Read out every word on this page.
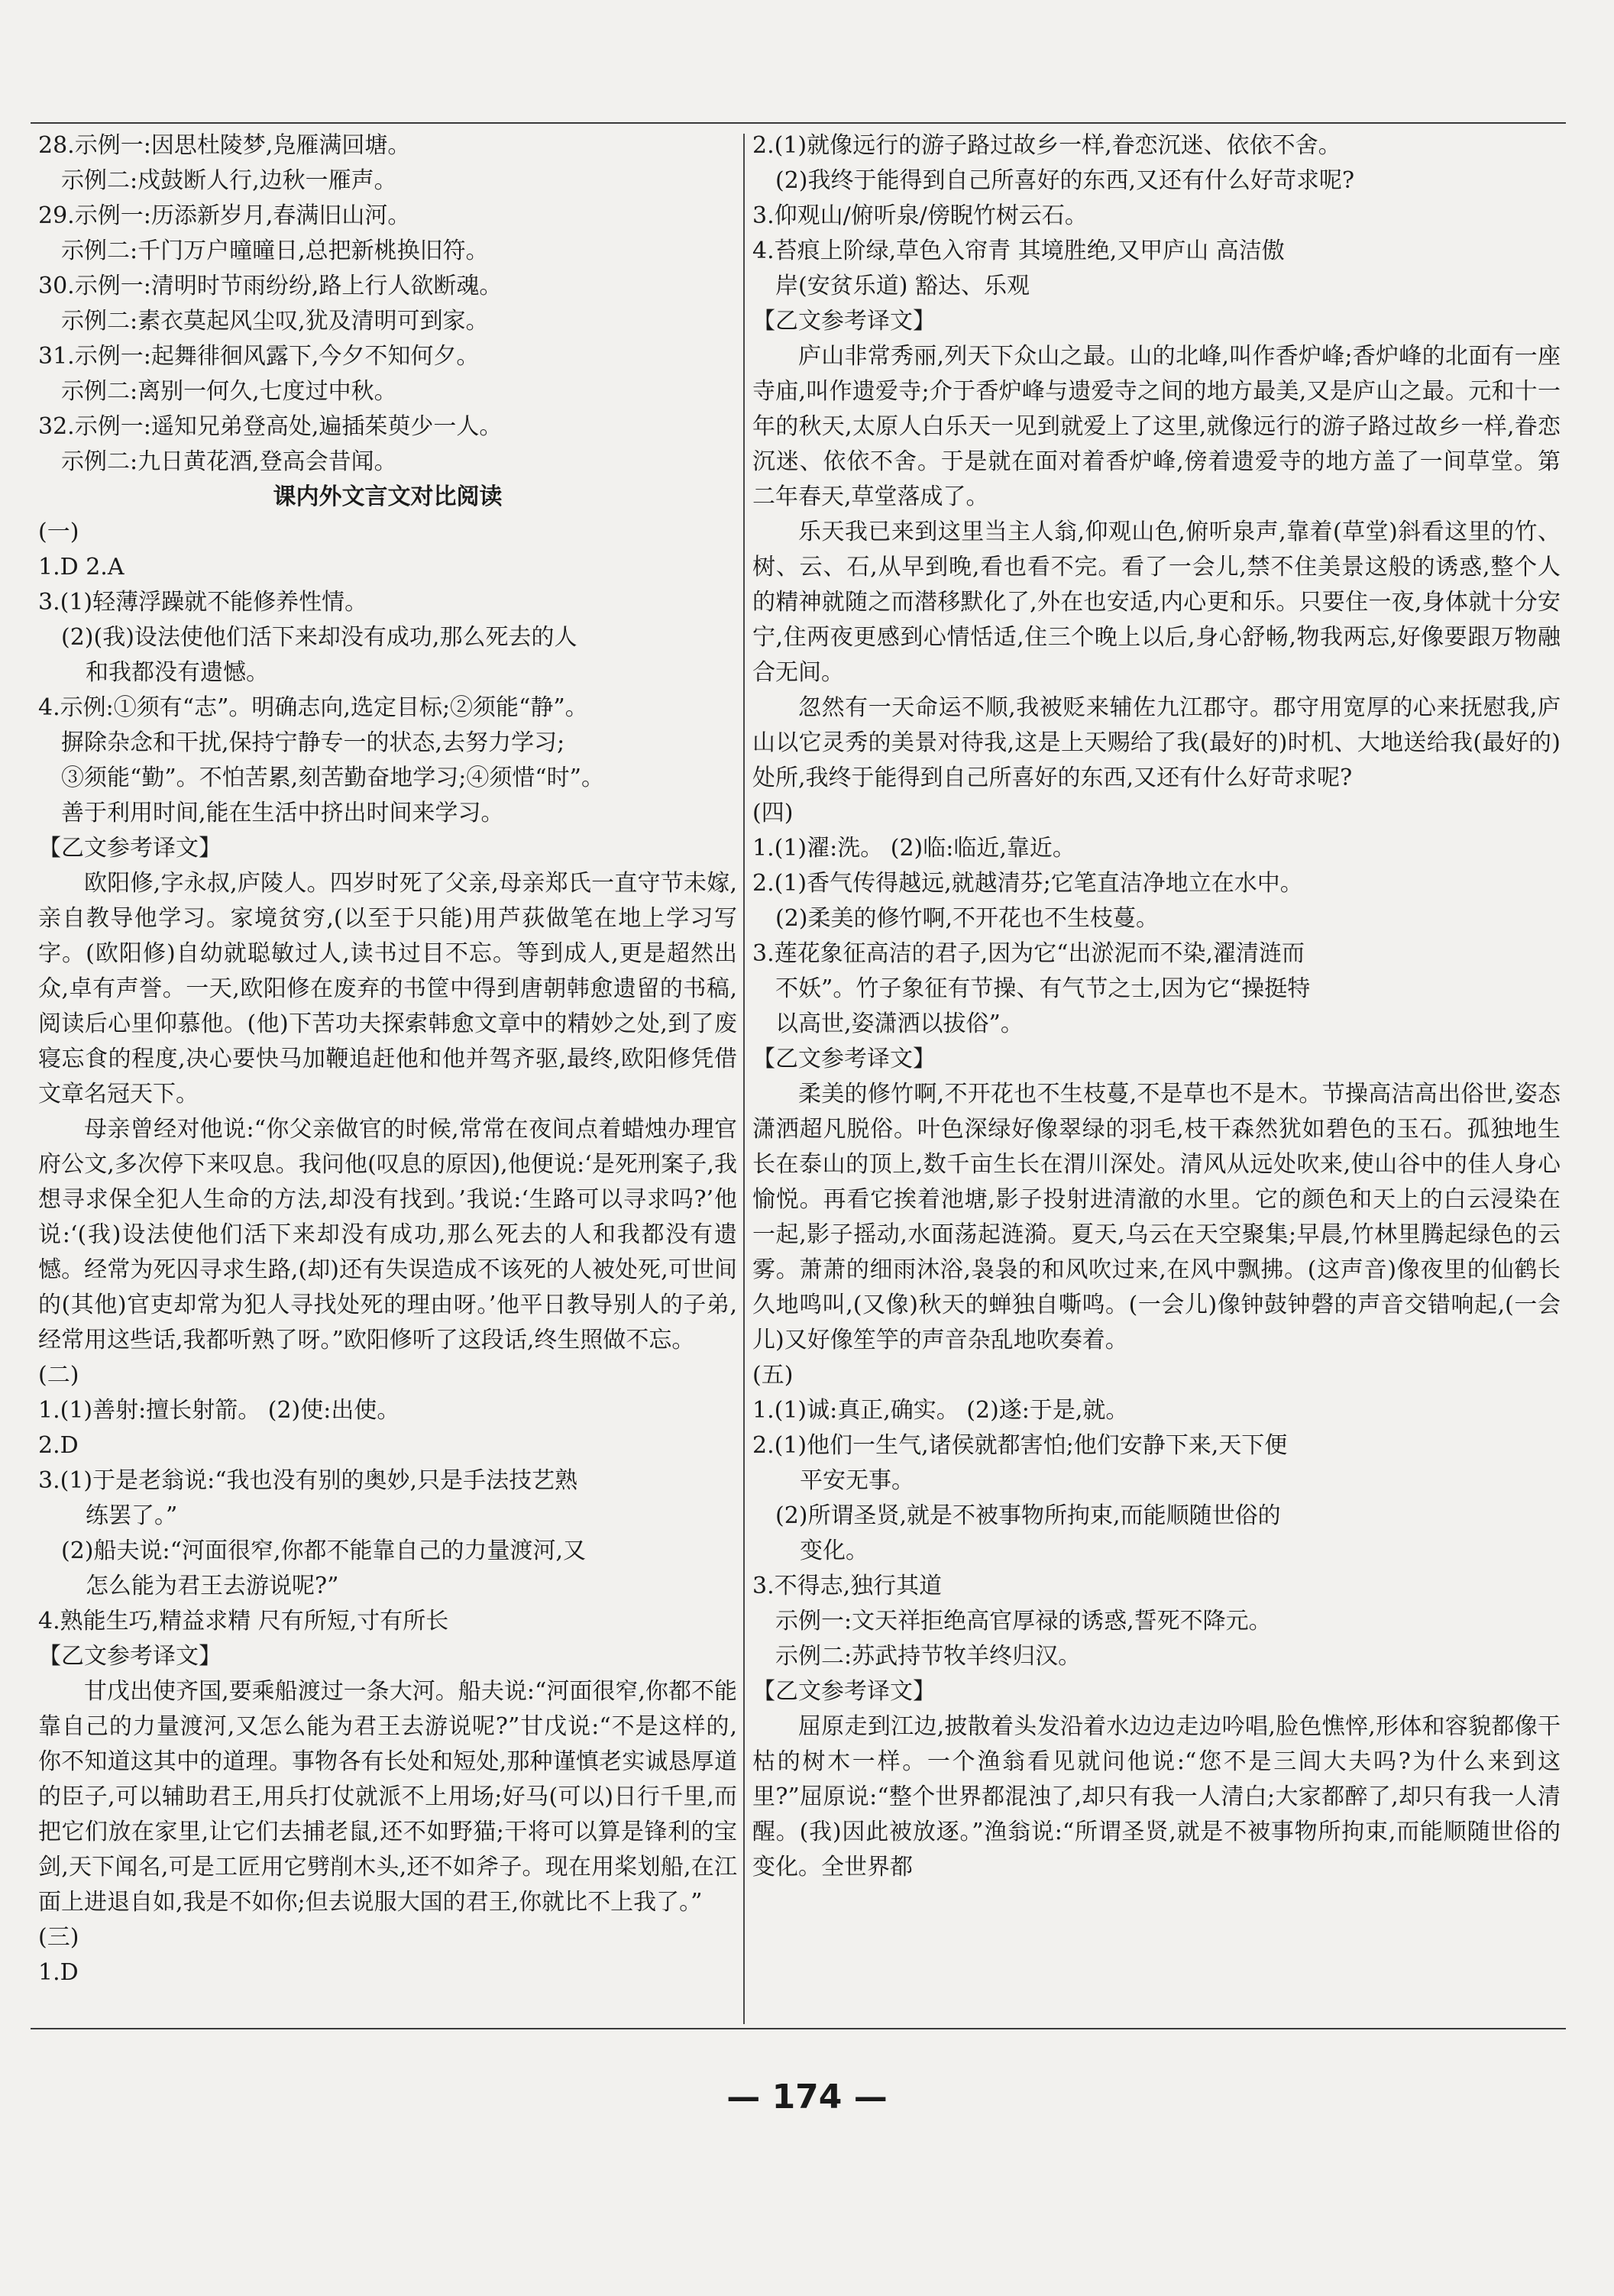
28.示例一:因思杜陵梦,凫雁满回塘。
示例二:戍鼓断人行,边秋一雁声。
29.示例一:历添新岁月,春满旧山河。
示例二:千门万户曈曈日,总把新桃换旧符。
30.示例一:清明时节雨纷纷,路上行人欲断魂。
示例二:素衣莫起风尘叹,犹及清明可到家。
31.示例一:起舞徘徊风露下,今夕不知何夕。
示例二:离别一何久,七度过中秋。
32.示例一:遥知兄弟登高处,遍插茱萸少一人。
示例二:九日黄花酒,登高会昔闻。
课内外文言文对比阅读
(一)
1.D 2.A
3.(1)轻薄浮躁就不能修养性情。
(2)(我)设法使他们活下来却没有成功,那么死去的人
和我都没有遗憾。
4.示例:①须有“志”。明确志向,选定目标;②须能“静”。
摒除杂念和干扰,保持宁静专一的状态,去努力学习;
③须能“勤”。不怕苦累,刻苦勤奋地学习;④须惜“时”。
善于利用时间,能在生活中挤出时间来学习。
【乙文参考译文】
欧阳修,字永叔,庐陵人。四岁时死了父亲,母亲郑氏一直守节未嫁,亲自教导他学习。家境贫穷,(以至于只能)用芦荻做笔在地上学习写字。(欧阳修)自幼就聪敏过人,读书过目不忘。等到成人,更是超然出众,卓有声誉。一天,欧阳修在废弃的书筐中得到唐朝韩愈遗留的书稿,阅读后心里仰慕他。(他)下苦功夫探索韩愈文章中的精妙之处,到了废寝忘食的程度,决心要快马加鞭追赶他和他并驾齐驱,最终,欧阳修凭借文章名冠天下。
母亲曾经对他说:“你父亲做官的时候,常常在夜间点着蜡烛办理官府公文,多次停下来叹息。我问他(叹息的原因),他便说:‘是死刑案子,我想寻求保全犯人生命的方法,却没有找到。’我说:‘生路可以寻求吗?’他说:‘(我)设法使他们活下来却没有成功,那么死去的人和我都没有遗憾。经常为死囚寻求生路,(却)还有失误造成不该死的人被处死,可世间的(其他)官吏却常为犯人寻找处死的理由呀。’他平日教导别人的子弟,经常用这些话,我都听熟了呀。”欧阳修听了这段话,终生照做不忘。
(二)
1.(1)善射:擅长射箭。 (2)使:出使。
2.D
3.(1)于是老翁说:“我也没有别的奥妙,只是手法技艺熟
练罢了。”
(2)船夫说:“河面很窄,你都不能靠自己的力量渡河,又
怎么能为君王去游说呢?”
4.熟能生巧,精益求精 尺有所短,寸有所长
【乙文参考译文】
甘戊出使齐国,要乘船渡过一条大河。船夫说:“河面很窄,你都不能靠自己的力量渡河,又怎么能为君王去游说呢?”甘戊说:“不是这样的,你不知道这其中的道理。事物各有长处和短处,那种谨慎老实诚恳厚道的臣子,可以辅助君王,用兵打仗就派不上用场;好马(可以)日行千里,而把它们放在家里,让它们去捕老鼠,还不如野猫;干将可以算是锋利的宝剑,天下闻名,可是工匠用它劈削木头,还不如斧子。现在用桨划船,在江面上进退自如,我是不如你;但去说服大国的君王,你就比不上我了。”
(三)
1.D
2.(1)就像远行的游子路过故乡一样,眷恋沉迷、依依不舍。
(2)我终于能得到自己所喜好的东西,又还有什么好苛求呢?
3.仰观山/俯听泉/傍睨竹树云石。
4.苔痕上阶绿,草色入帘青 其境胜绝,又甲庐山 高洁傲
岸(安贫乐道) 豁达、乐观
【乙文参考译文】
庐山非常秀丽,列天下众山之最。山的北峰,叫作香炉峰;香炉峰的北面有一座寺庙,叫作遗爱寺;介于香炉峰与遗爱寺之间的地方最美,又是庐山之最。元和十一年的秋天,太原人白乐天一见到就爱上了这里,就像远行的游子路过故乡一样,眷恋沉迷、依依不舍。于是就在面对着香炉峰,傍着遗爱寺的地方盖了一间草堂。第二年春天,草堂落成了。
乐天我已来到这里当主人翁,仰观山色,俯听泉声,靠着(草堂)斜看这里的竹、树、云、石,从早到晚,看也看不完。看了一会儿,禁不住美景这般的诱惑,整个人的精神就随之而潜移默化了,外在也安适,内心更和乐。只要住一夜,身体就十分安宁,住两夜更感到心情恬适,住三个晚上以后,身心舒畅,物我两忘,好像要跟万物融合无间。
忽然有一天命运不顺,我被贬来辅佐九江郡守。郡守用宽厚的心来抚慰我,庐山以它灵秀的美景对待我,这是上天赐给了我(最好的)时机、大地送给我(最好的)处所,我终于能得到自己所喜好的东西,又还有什么好苛求呢?
(四)
1.(1)濯:洗。 (2)临:临近,靠近。
2.(1)香气传得越远,就越清芬;它笔直洁净地立在水中。
(2)柔美的修竹啊,不开花也不生枝蔓。
3.莲花象征高洁的君子,因为它“出淤泥而不染,濯清涟而
不妖”。竹子象征有节操、有气节之士,因为它“操挺特
以高世,姿潇洒以拔俗”。
【乙文参考译文】
柔美的修竹啊,不开花也不生枝蔓,不是草也不是木。节操高洁高出俗世,姿态潇洒超凡脱俗。叶色深绿好像翠绿的羽毛,枝干森然犹如碧色的玉石。孤独地生长在泰山的顶上,数千亩生长在渭川深处。清风从远处吹来,使山谷中的佳人身心愉悦。再看它挨着池塘,影子投射进清澈的水里。它的颜色和天上的白云浸染在一起,影子摇动,水面荡起涟漪。夏天,乌云在天空聚集;早晨,竹林里腾起绿色的云雾。萧萧的细雨沐浴,袅袅的和风吹过来,在风中飘拂。(这声音)像夜里的仙鹤长久地鸣叫,(又像)秋天的蝉独自嘶鸣。(一会儿)像钟鼓钟磬的声音交错响起,(一会儿)又好像笙竽的声音杂乱地吹奏着。
(五)
1.(1)诚:真正,确实。 (2)遂:于是,就。
2.(1)他们一生气,诸侯就都害怕;他们安静下来,天下便
平安无事。
(2)所谓圣贤,就是不被事物所拘束,而能顺随世俗的
变化。
3.不得志,独行其道
示例一:文天祥拒绝高官厚禄的诱惑,誓死不降元。
示例二:苏武持节牧羊终归汉。
【乙文参考译文】
屈原走到江边,披散着头发沿着水边边走边吟唱,脸色憔悴,形体和容貌都像干枯的树木一样。一个渔翁看见就问他说:“您不是三闾大夫吗?为什么来到这里?”屈原说:“整个世界都混浊了,却只有我一人清白;大家都醉了,却只有我一人清醒。(我)因此被放逐。”渔翁说:“所谓圣贤,就是不被事物所拘束,而能顺随世俗的变化。全世界都
— 174 —
